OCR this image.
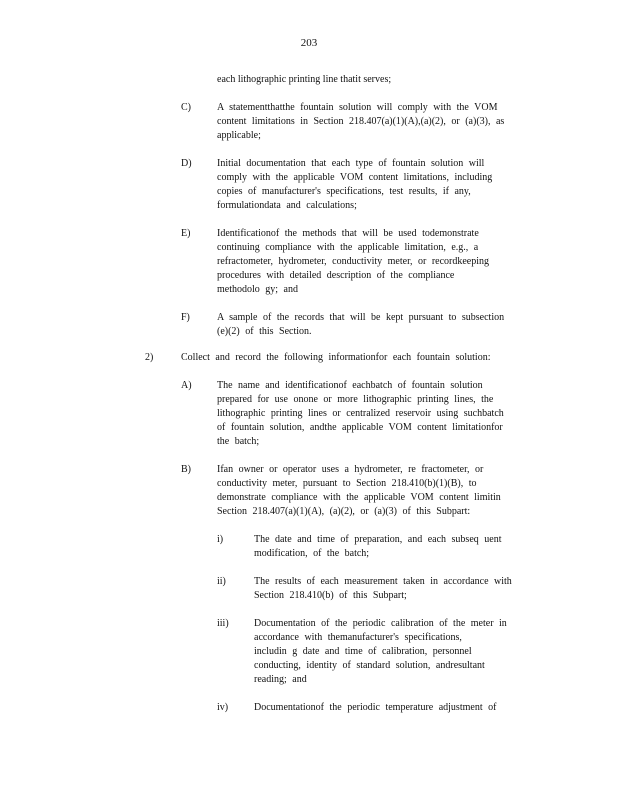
203
each lithographic printing line thatit serves;
C)	A statementthatthe fountain solution will comply with the VOM
content limitations in Section 218.407(a)(1)(A),(a)(2), or (a)(3), as
applicable;
D)	Initial documentation that each type of fountain solution will
comply with the applicable VOM content limitations, including
copies of manufacturer's specifications, test results, if any,
formulationdata and calculations;
E)	Identificationof the methods that will be used todemonstrate
continuing compliance with the applicable limitation, e.g., a
refractometer, hydrometer, conductivity meter, or recordkeeping
procedures with detailed description of the compliance
methodolo gy; and
F)	A sample of the records that will be kept pursuant to subsection
(e)(2) of this Section.
2)	Collect and record the following informationfor each fountain solution:
A)	The name and identificationof eachbatch of fountain solution
prepared for use onone or more lithographic printing lines, the
lithographic printing lines or centralized reservoir using suchbatch
of fountain solution, andthe applicable VOM content limitationfor
the batch;
B)	Ifan owner or operator uses a hydrometer, re fractometer, or
conductivity meter, pursuant to Section 218.410(b)(1)(B), to
demonstrate compliance with the applicable VOM content limitin
Section 218.407(a)(1)(A), (a)(2), or (a)(3) of this Subpart:
i)	The date and time of preparation, and each subseq uent
modification, of the batch;
ii)	The results of each measurement taken in accordance with
Section 218.410(b) of this Subpart;
iii)	Documentation of the periodic calibration of the meter in
accordance with themanufacturer's specifications,
includin g date and time of calibration, personnel
conducting, identity of standard solution, andresultant
reading; and
iv)	Documentationof the periodic temperature adjustment of
